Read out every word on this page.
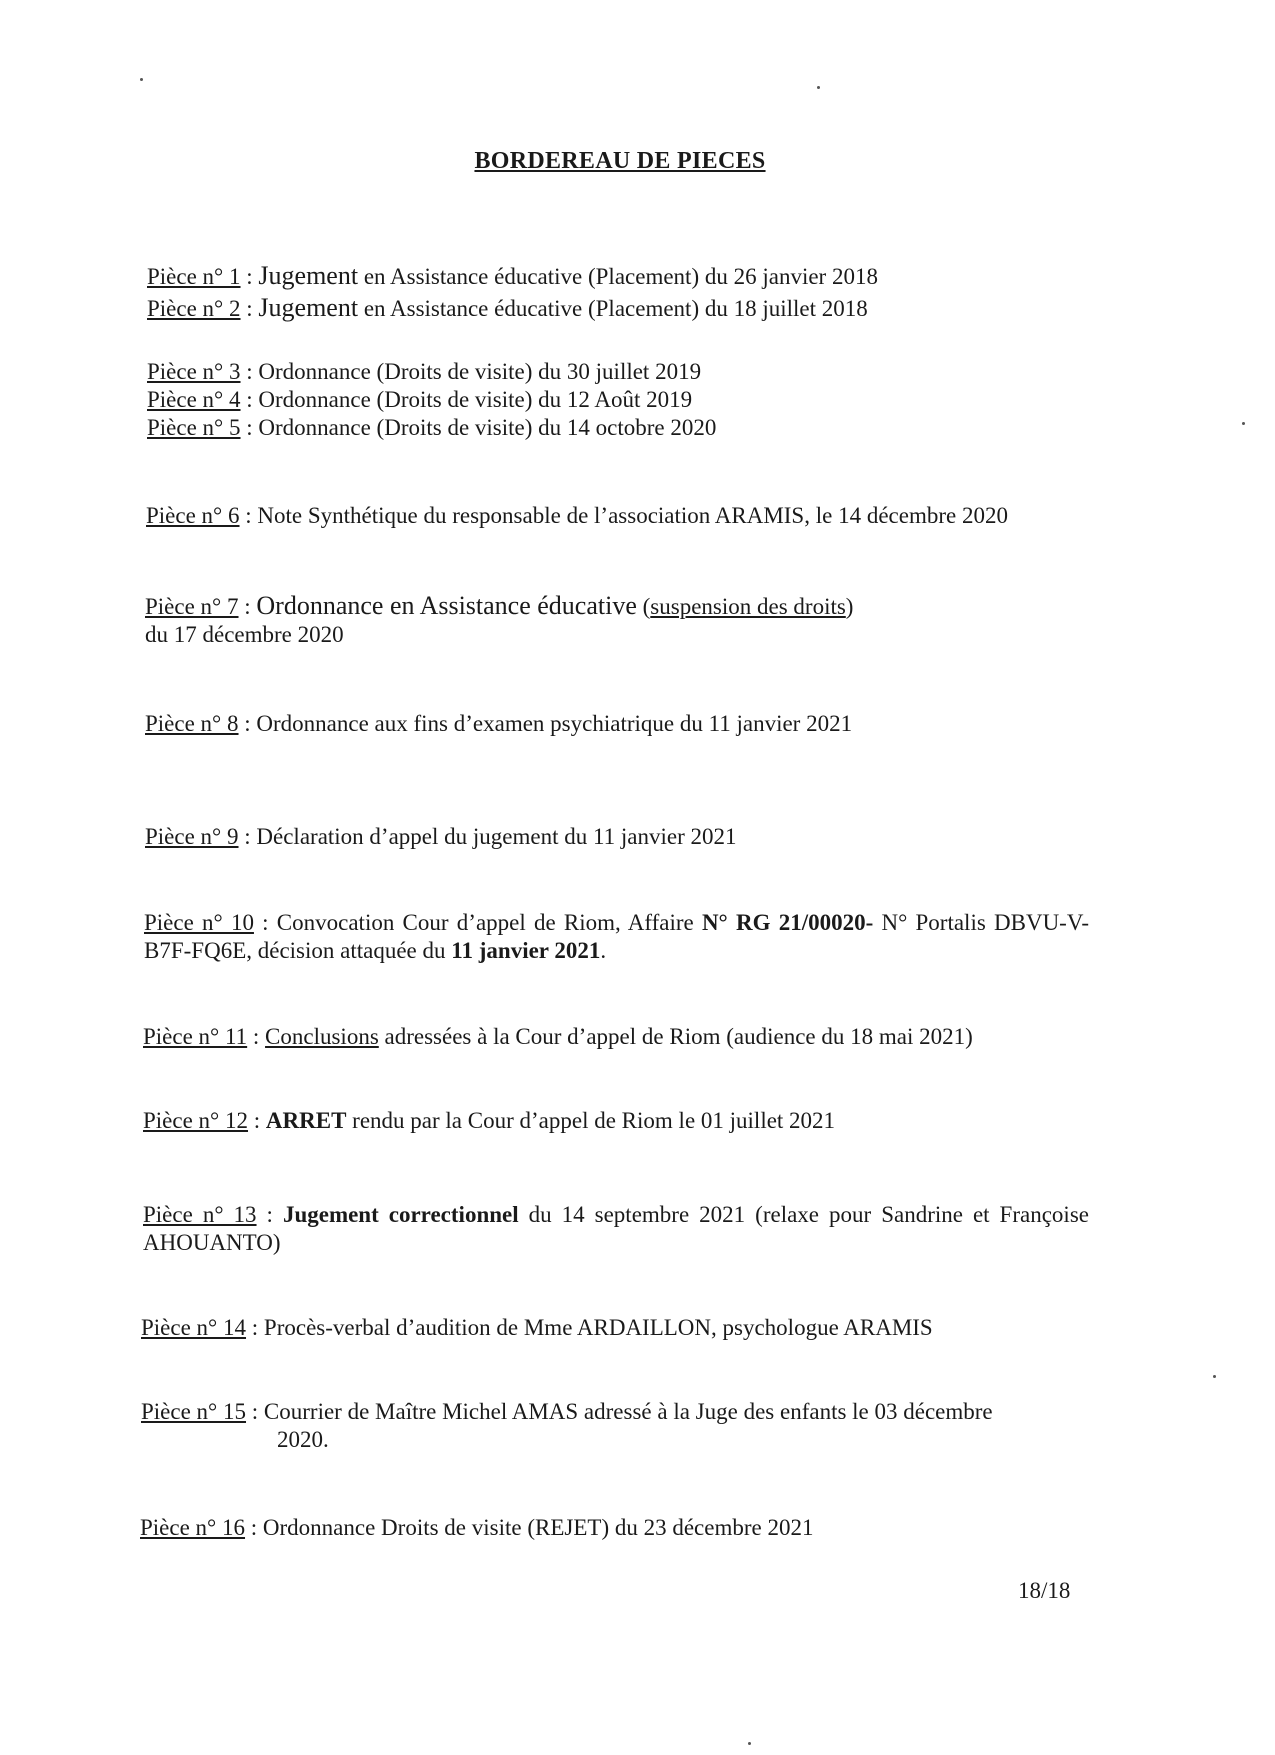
BORDEREAU DE PIECES
Pièce n° 1 : Jugement en Assistance éducative (Placement) du 26 janvier 2018
Pièce n° 2 : Jugement en Assistance éducative (Placement) du 18 juillet 2018
Pièce n° 3 : Ordonnance (Droits de visite) du 30 juillet 2019
Pièce n° 4 : Ordonnance (Droits de visite) du 12 Août 2019
Pièce n° 5 : Ordonnance (Droits de visite) du 14 octobre 2020
Pièce n° 6 : Note Synthétique du responsable de l’association ARAMIS, le 14 décembre 2020
Pièce n° 7 : Ordonnance en Assistance éducative (suspension des droits)
du 17 décembre 2020
Pièce n° 8 : Ordonnance aux fins d’examen psychiatrique du 11 janvier 2021
Pièce n° 9 : Déclaration d’appel du jugement du 11 janvier 2021
Pièce n° 10 : Convocation Cour d’appel de Riom, Affaire N° RG 21/00020- N° Portalis DBVU-V-B7F-FQ6E, décision attaquée du 11 janvier 2021.
Pièce n° 11 : Conclusions adressées à la Cour d’appel de Riom (audience du 18 mai 2021)
Pièce n° 12 : ARRET rendu par la Cour d’appel de Riom le 01 juillet 2021
Pièce n° 13 : Jugement correctionnel du 14 septembre 2021 (relaxe pour Sandrine et Françoise AHOUANTO)
Pièce n° 14 : Procès-verbal d’audition de Mme ARDAILLON, psychologue ARAMIS
Pièce n° 15 : Courrier de Maître Michel AMAS adressé à la Juge des enfants le 03 décembre
2020.
Pièce n° 16 : Ordonnance Droits de visite (REJET) du 23 décembre 2021
18/18
